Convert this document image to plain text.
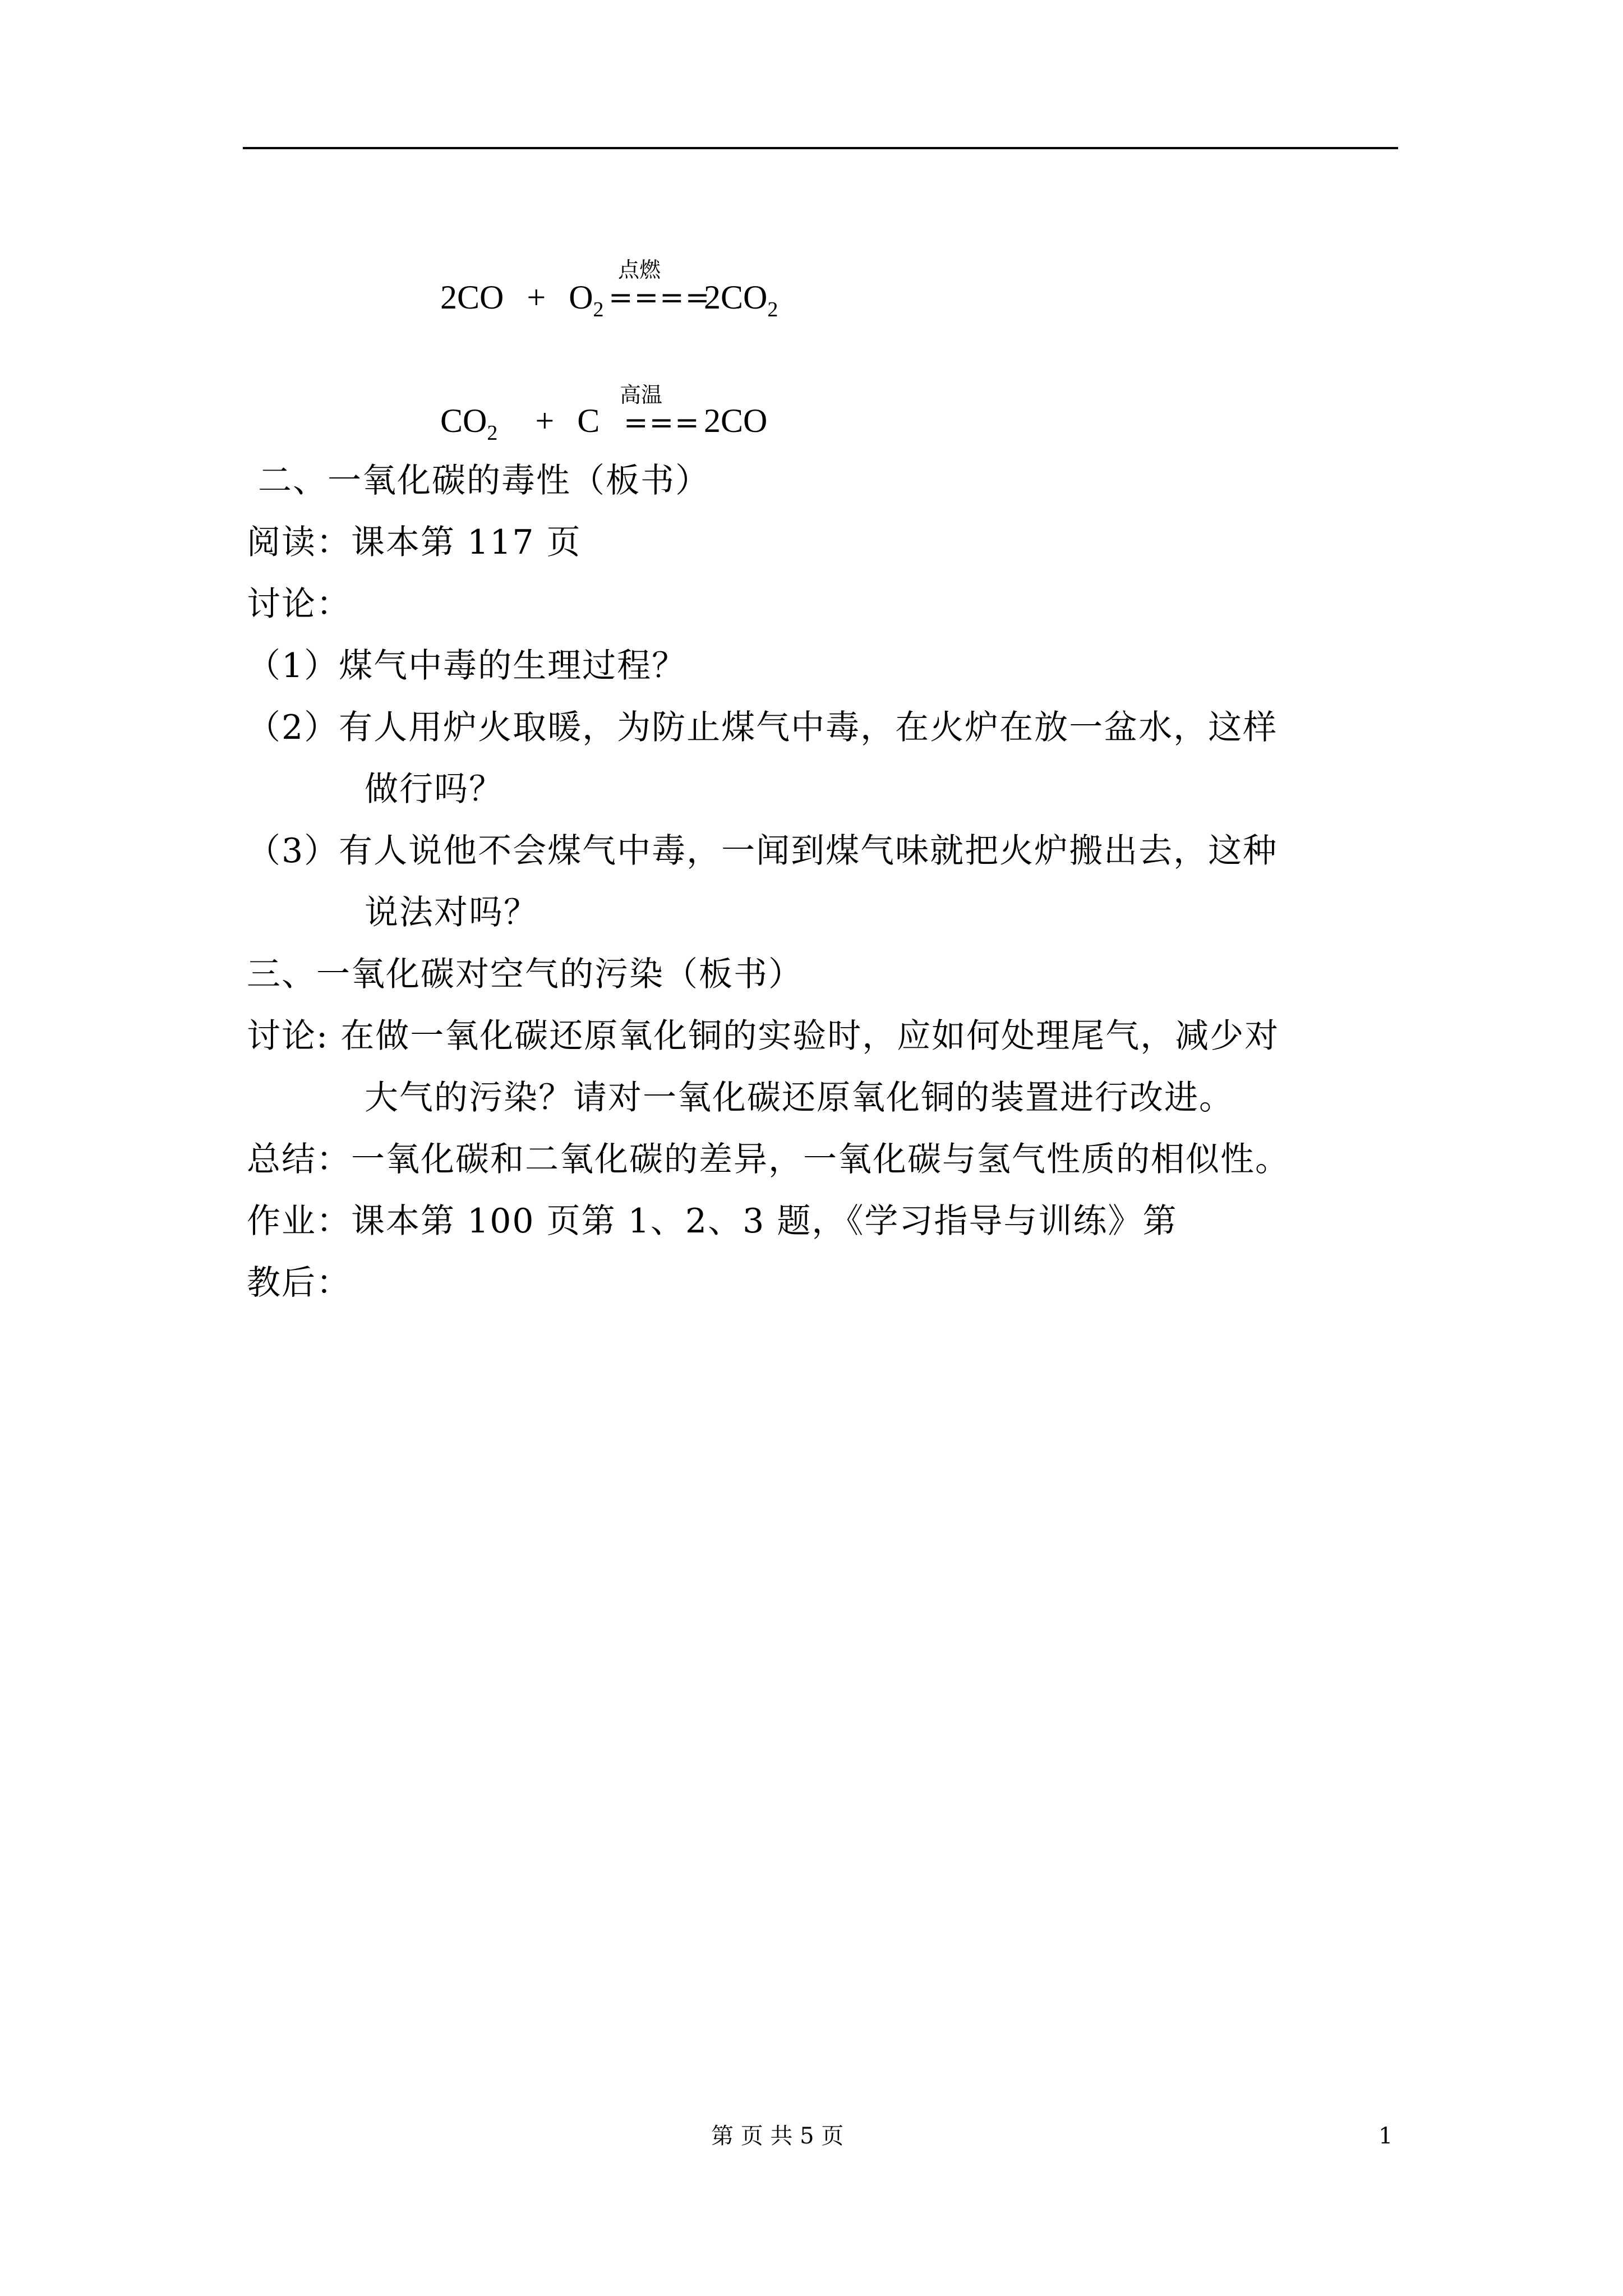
2CO + O2
点燃
====
2CO2
CO2 + C
高温
=== 2CO
二、一氧化碳的毒性（板书）
阅读：课本第 117 页
讨论：
（1）煤气中毒的生理过程？
（2）有人用炉火取暖，为防止煤气中毒，在火炉在放一盆水，这样
做行吗？
（3）有人说他不会煤气中毒，一闻到煤气味就把火炉搬出去，这种
说法对吗？
三、一氧化碳对空气的污染（板书）
讨论: 在做一氧化碳还原氧化铜的实验时，应如何处理尾气，减少对
大气的污染？请对一氧化碳还原氧化铜的装置进行改进。
总结：一氧化碳和二氧化碳的差异，一氧化碳与氢气性质的相似性。
作业：课本第 100 页第 1、2、3 题，《学习指导与训练》第
教后：
第 页 共 5 页	1
